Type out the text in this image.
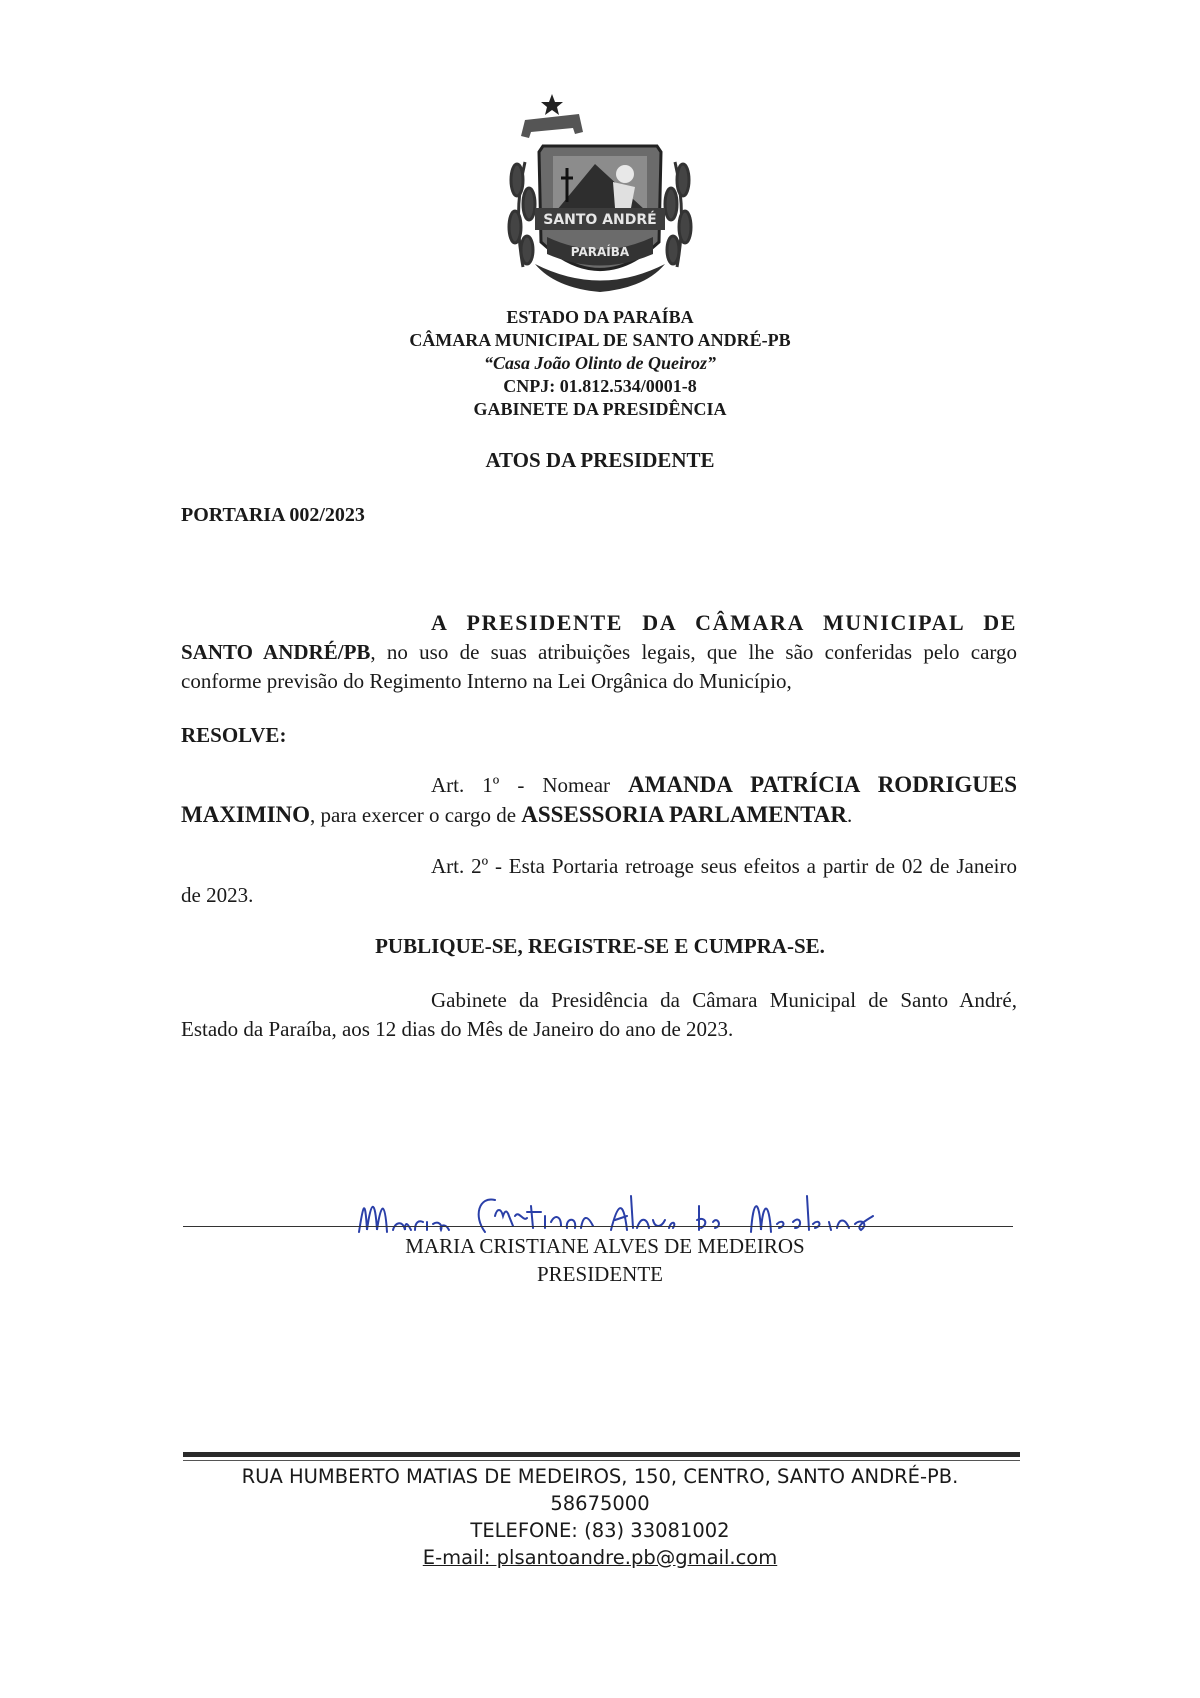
SANTO ANDRÉ
PARAÍBA
ESTADO DA PARAÍBA
CÂMARA MUNICIPAL DE SANTO ANDRÉ-PB
“Casa João Olinto de Queiroz”
CNPJ: 01.812.534/0001-8
GABINETE DA PRESIDÊNCIA
ATOS DA PRESIDENTE
PORTARIA 002/2023
A PRESIDENTE DA CÂMARA MUNICIPAL DE SANTO ANDRÉ/PB, no uso de suas atribuições legais, que lhe são conferidas pelo cargo conforme previsão do Regimento Interno na Lei Orgânica do Município,
RESOLVE:
Art. 1º - Nomear AMANDA PATRÍCIA RODRIGUES MAXIMINO, para exercer o cargo de ASSESSORIA PARLAMENTAR.
Art. 2º - Esta Portaria retroage seus efeitos a partir de 02 de Janeiro de 2023.
PUBLIQUE-SE, REGISTRE-SE E CUMPRA-SE.
Gabinete da Presidência da Câmara Municipal de Santo André, Estado da Paraíba, aos 12 dias do Mês de Janeiro do ano de 2023.
MARIA CRISTIANE ALVES DE MEDEIROS
PRESIDENTE
RUA HUMBERTO MATIAS DE MEDEIROS, 150, CENTRO, SANTO ANDRÉ-PB.
58675000
TELEFONE: (83) 33081002
E-mail: plsantoandre.pb@gmail.com
